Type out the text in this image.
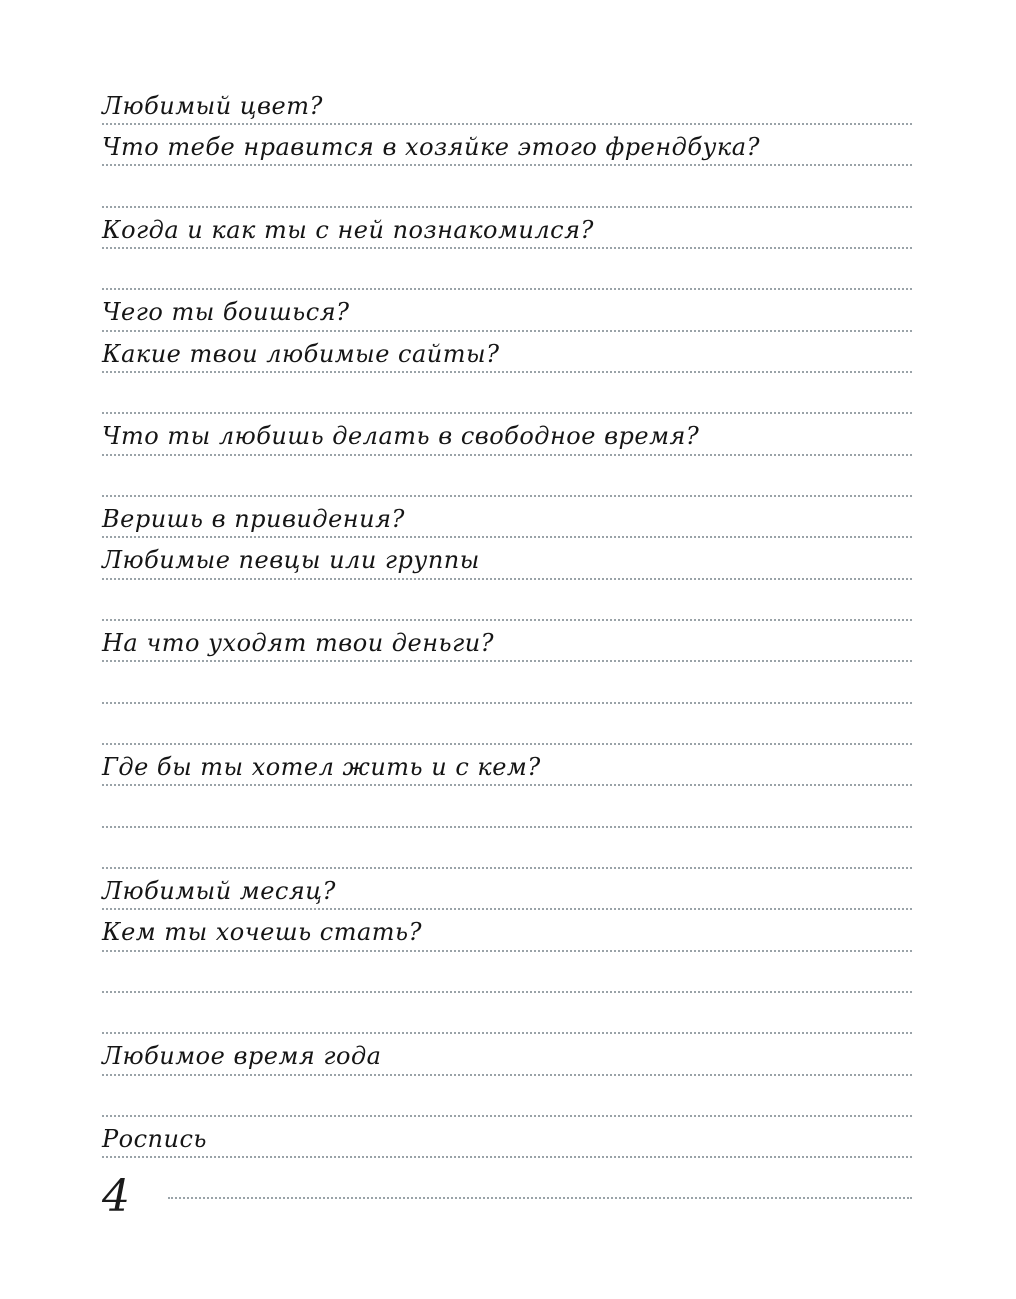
Любимый цвет?
Что тебе нравится в хозяйке этого френдбука?
Когда и как ты с ней познакомился?
Чего ты боишься?
Какие твои любимые сайты?
Что ты любишь делать в свободное время?
Веришь в привидения?
Любимые певцы или группы
На что уходят твои деньги?
Где бы ты хотел жить и с кем?
Любимый месяц?
Кем ты хочешь стать?
Любимое время года
Роспись
4
